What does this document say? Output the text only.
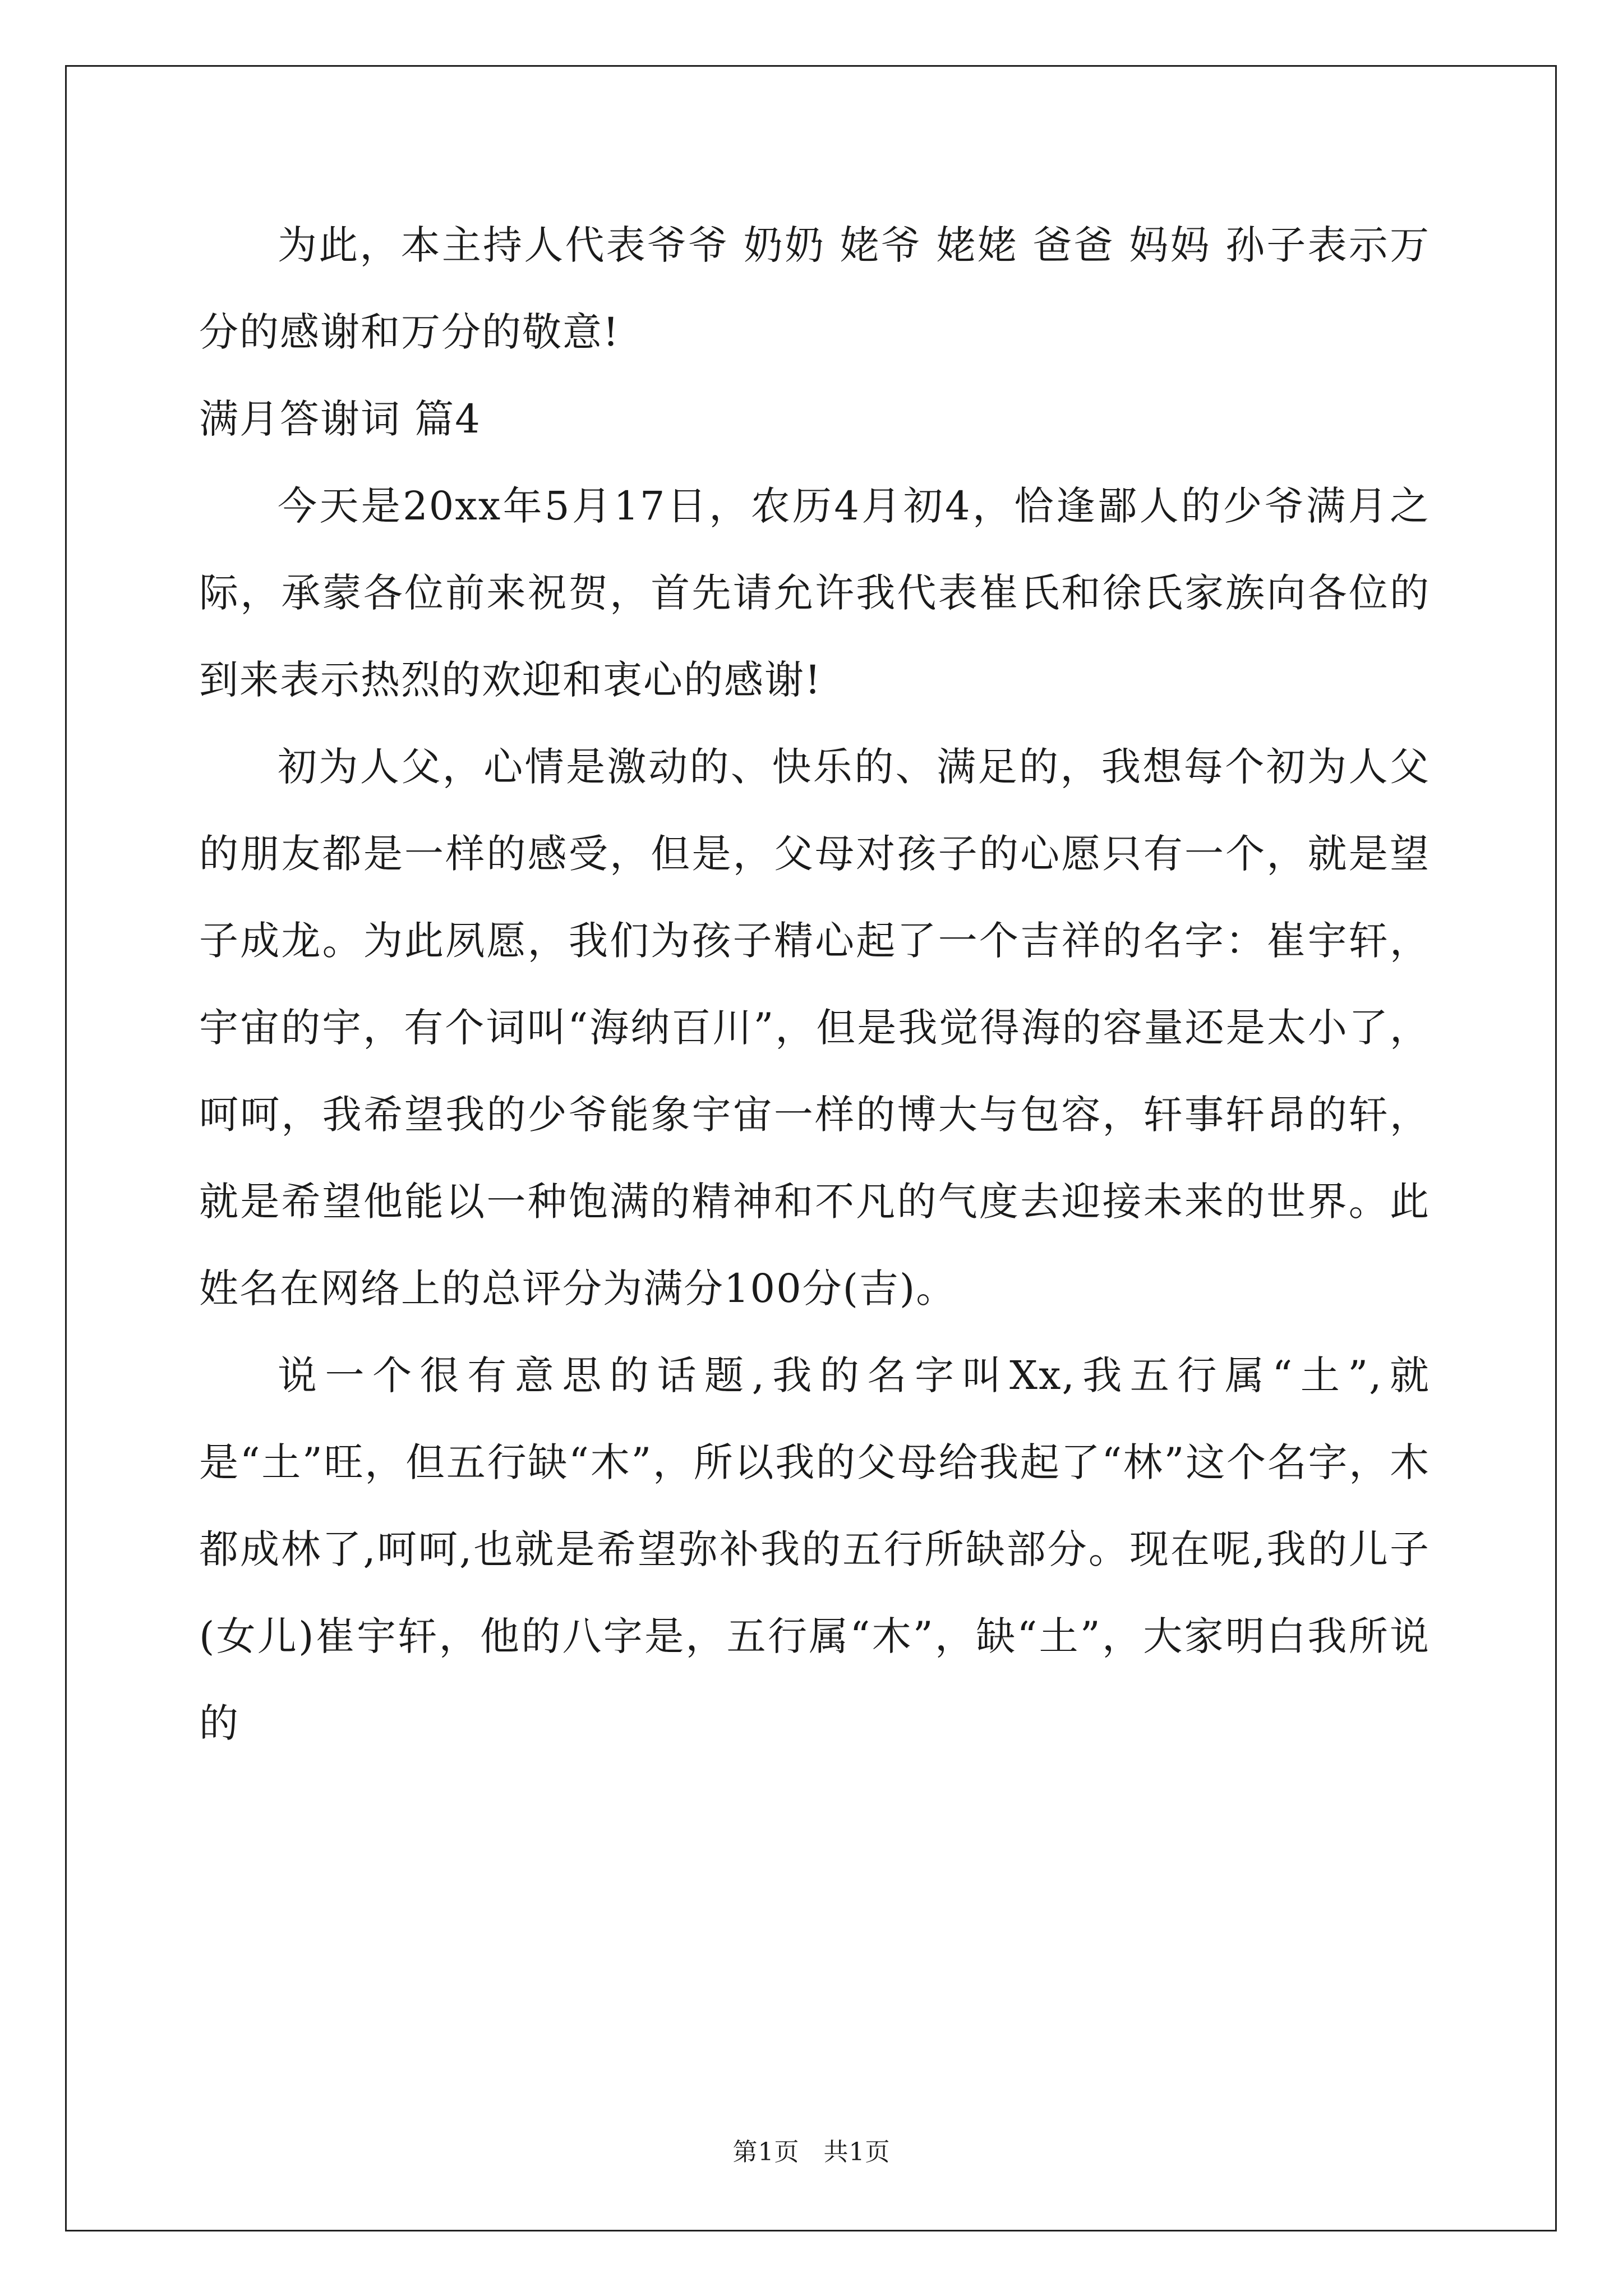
为此，本主持人代表爷爷 奶奶 姥爷 姥姥 爸爸 妈妈 孙子表示万分的感谢和万分的敬意!

满月答谢词 篇4

今天是20xx年5月17日，农历4月初4，恰逢鄙人的少爷满月之际，承蒙各位前来祝贺，首先请允许我代表崔氏和徐氏家族向各位的到来表示热烈的欢迎和衷心的感谢!

初为人父，心情是激动的、快乐的、满足的，我想每个初为人父的朋友都是一样的感受，但是，父母对孩子的心愿只有一个，就是望子成龙。为此夙愿，我们为孩子精心起了一个吉祥的名字：崔宇轩，宇宙的宇，有个词叫“海纳百川”，但是我觉得海的容量还是太小了，呵呵，我希望我的少爷能象宇宙一样的博大与包容，轩事轩昂的轩，就是希望他能以一种饱满的精神和不凡的气度去迎接未来的世界。此姓名在网络上的总评分为满分100分(吉)。

说一个很有意思的话题,我的名字叫Xx,我五行属“土”,就是“土”旺，但五行缺“木”，所以我的父母给我起了“林”这个名字，木都成林了,呵呵,也就是希望弥补我的五行所缺部分。现在呢,我的儿子(女儿)崔宇轩，他的八字是，五行属“木”，缺“土”，大家明白我所说的

第1页 共1页
